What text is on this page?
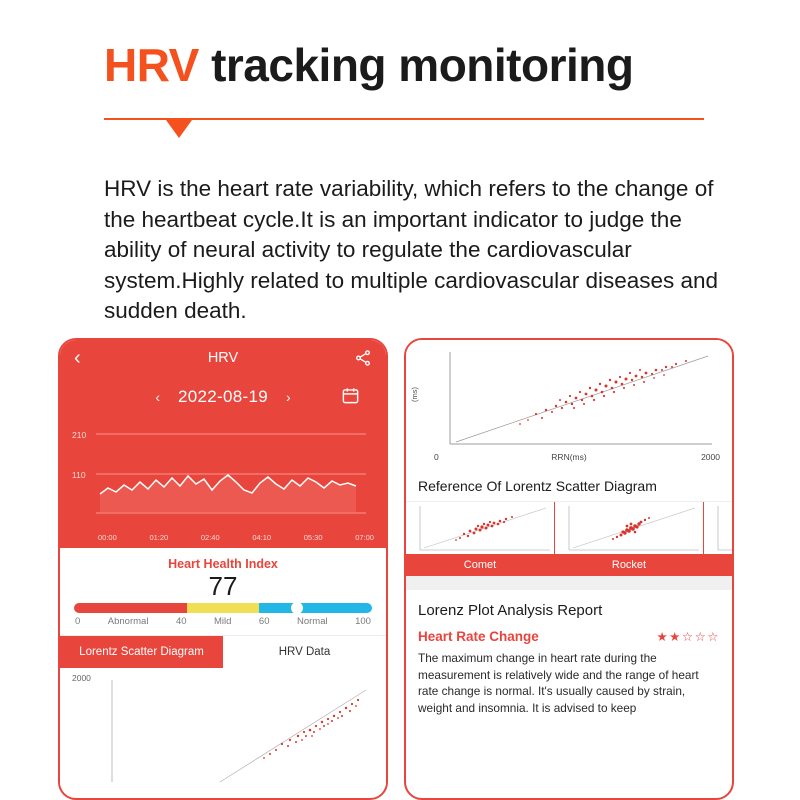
HRV tracking monitoring
HRV is the heart rate variability, which refers to the change of the heartbeat cycle.It is an important indicator to judge the ability of neural activity to regulate the cardiovascular system.Highly related to multiple cardiovascular diseases and sudden death.
‹	HRV
‹ 2022-08-19 ›
210
110
00:00	01:20	02:40	04:10	05:30	07:00
Heart Health Index
77
0	Abnormal	40	Mild	60	Normal	100
Lorentz Scatter Diagram	HRV Data
2000
(ms)
0	RRN(ms)	2000
Reference Of Lorentz Scatter Diagram
Comet	Rocket
Lorenz Plot Analysis Report
Heart Rate Change	★★☆☆☆
The maximum change in heart rate during the measurement is relatively wide and the range of heart rate change is normal. It's usually caused by strain, weight and insomnia. It is advised to keep
